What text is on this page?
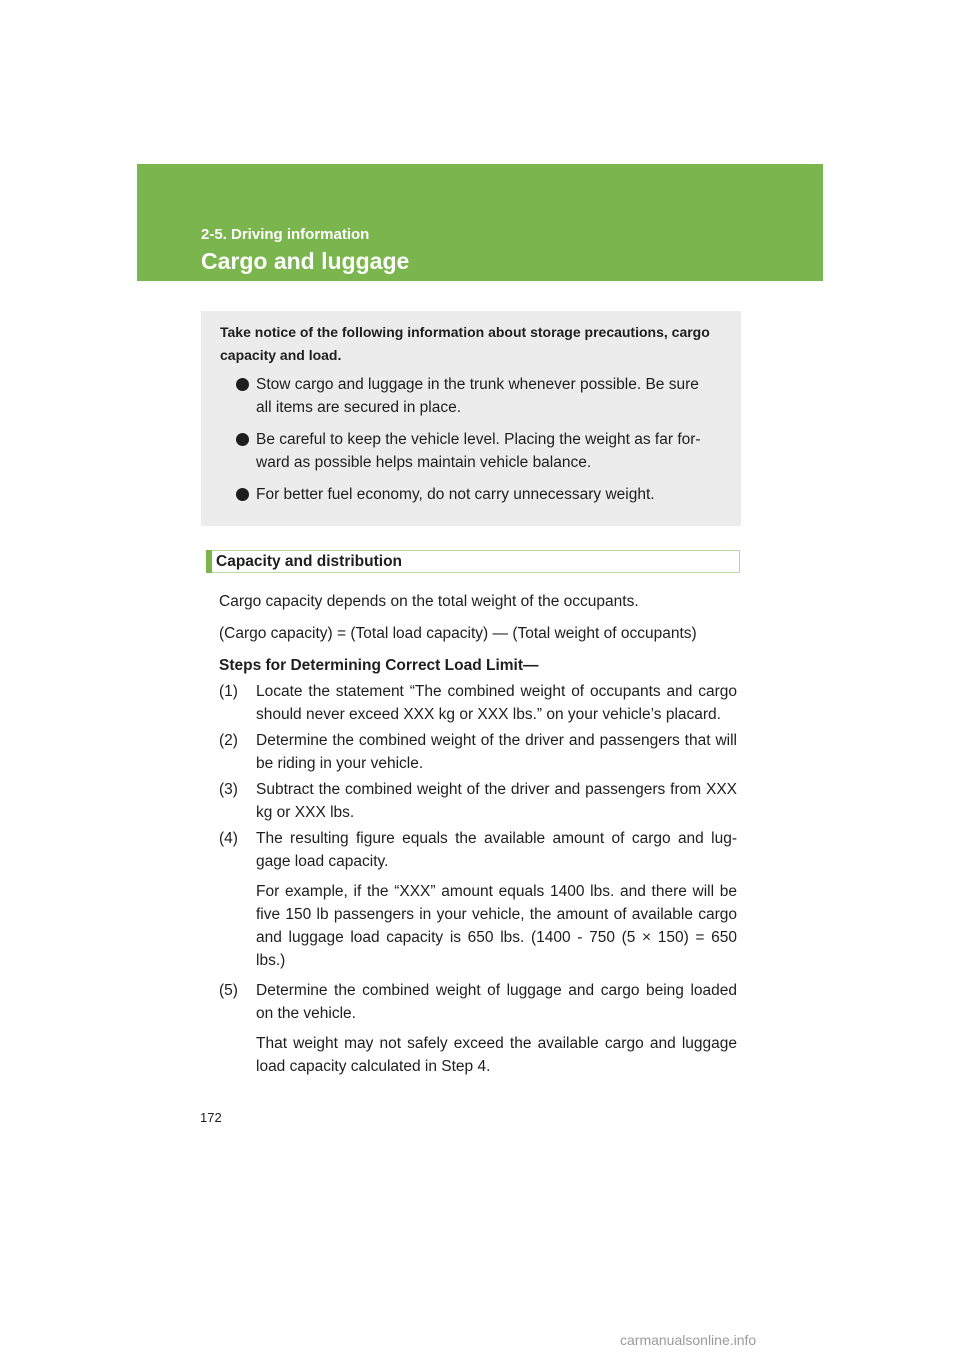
2-5. Driving information
Cargo and luggage

Take notice of the following information about storage precautions, cargo capacity and load.

Stow cargo and luggage in the trunk whenever possible. Be sure all items are secured in place.
Be careful to keep the vehicle level. Placing the weight as far for-ward as possible helps maintain vehicle balance.
For better fuel economy, do not carry unnecessary weight.
Capacity and distribution

Cargo capacity depends on the total weight of the occupants.

(Cargo capacity) = (Total load capacity) — (Total weight of occupants)

Steps for Determining Correct Load Limit—

(1) Locate the statement “The combined weight of occupants and cargo should never exceed XXX kg or XXX lbs.” on your vehicle’s placard.
(2) Determine the combined weight of the driver and passengers that will be riding in your vehicle.
(3) Subtract the combined weight of the driver and passengers from XXX kg or XXX lbs.
(4) The resulting figure equals the available amount of cargo and lug-gage load capacity.
For example, if the “XXX” amount equals 1400 lbs. and there will be five 150 lb passengers in your vehicle, the amount of available cargo and luggage load capacity is 650 lbs. (1400 - 750 (5 × 150) = 650 lbs.)
(5) Determine the combined weight of luggage and cargo being loaded on the vehicle.
That weight may not safely exceed the available cargo and luggage load capacity calculated in Step 4.
172
carmanualsonline.info
